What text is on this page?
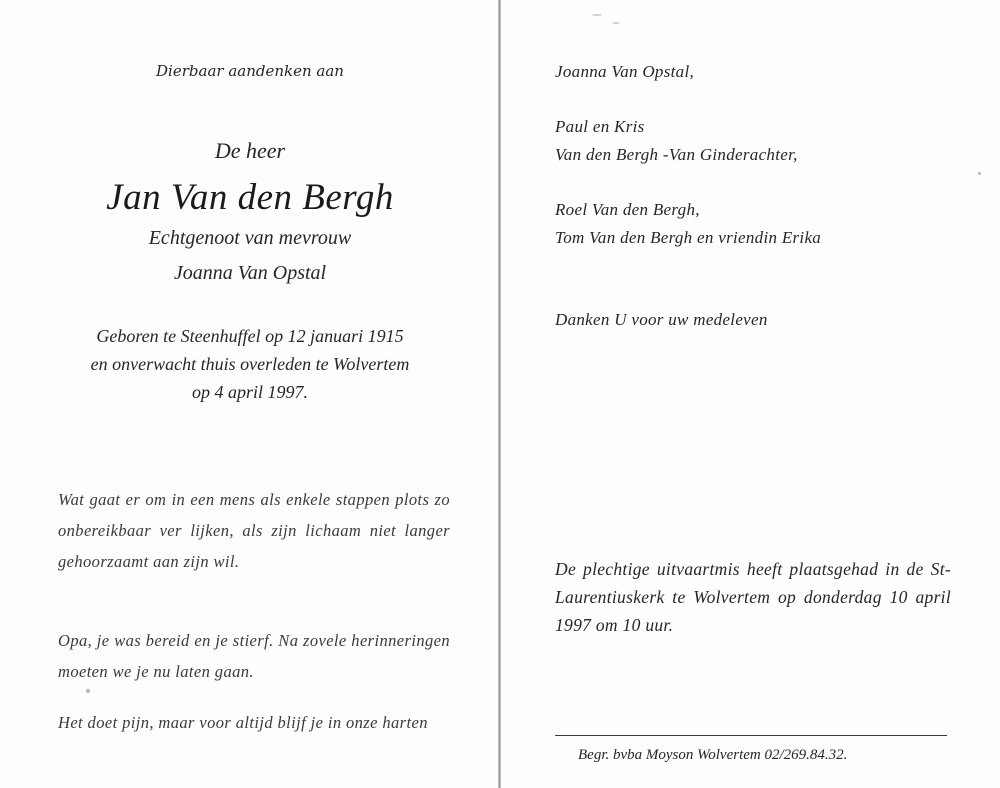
Dierbaar aandenken aan

De heer

Jan Van den Bergh

Echtgenoot van mevrouw

Joanna Van Opstal

Geboren te Steenhuffel op 12 januari 1915

en onverwacht thuis overleden te Wolvertem

op 4 april 1997.

Wat gaat er om in een mens als enkele stappen plots zo onbereikbaar ver lijken, als zijn lichaam niet langer gehoorzaamt aan zijn wil.

Opa, je was bereid en je stierf. Na zovele herinneringen moeten we je nu laten gaan.

Het doet pijn, maar voor altijd blijf je in onze harten

Joanna Van Opstal,

Paul en Kris

Van den Bergh -Van Ginderachter,

Roel Van den Bergh,

Tom Van den Bergh en vriendin Erika

Danken U voor uw medeleven

De plechtige uitvaartmis heeft plaatsgehad in de St-Laurentiuskerk te Wolvertem op donderdag 10 april 1997 om 10 uur.

Begr. bvba Moyson Wolvertem 02/269.84.32.
